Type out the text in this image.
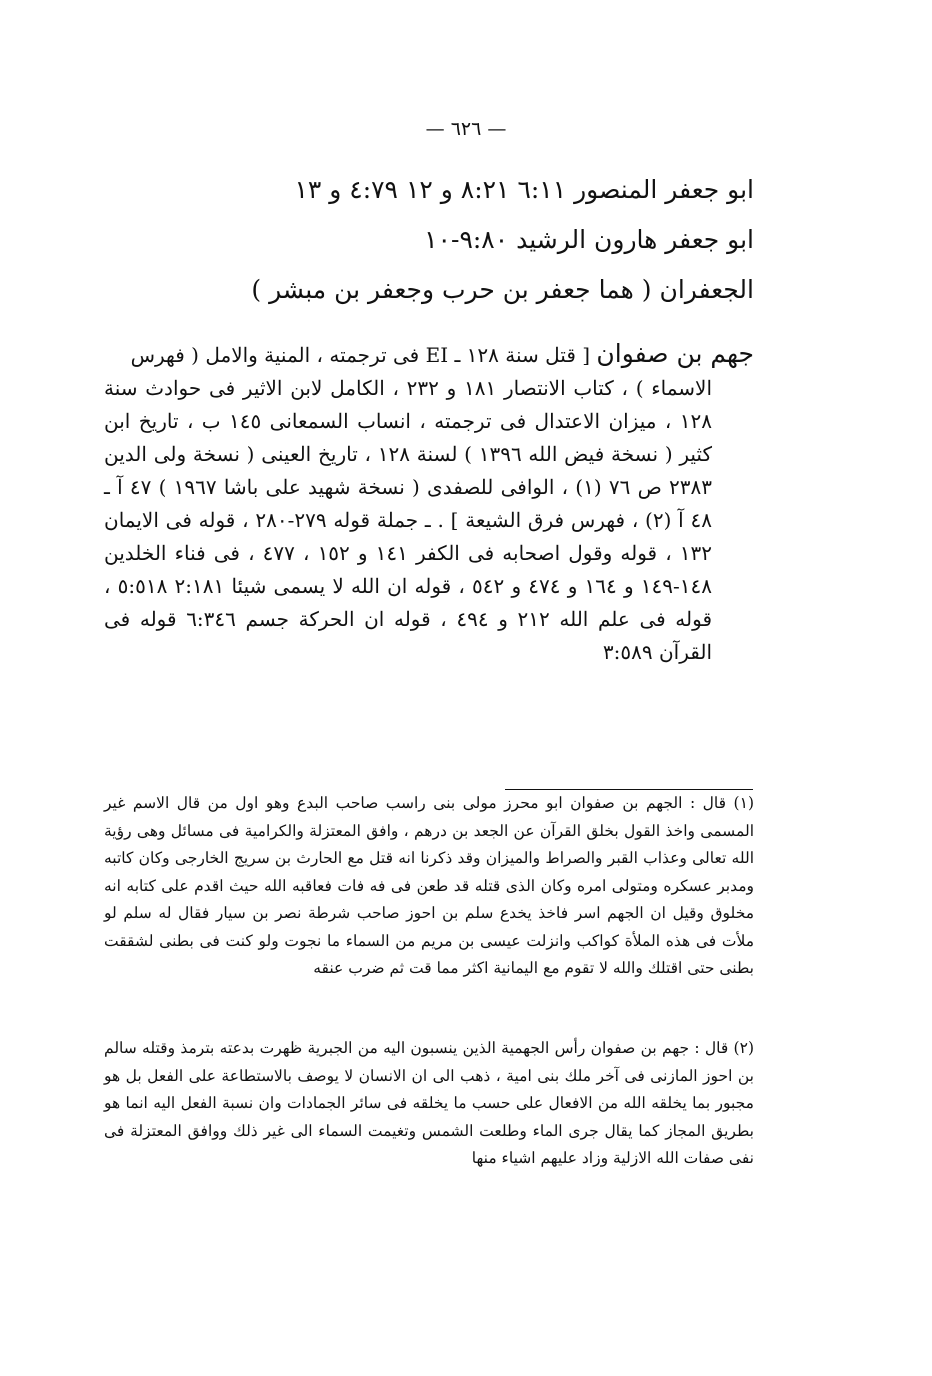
— ٦٢٦ —
ابو جعفر المنصور ٦:١١ ٨:٢١ و ١٢ ٤:٧٩ و ١٣
ابو جعفر هارون الرشيد ٩:٨٠-١٠
الجعفران ( هما جعفر بن حرب وجعفر بن مبشر )
جهم بن صفوان [ قتل سنة ١٢٨ ـ EI فى ترجمته ، المنية والامل ( فهرس
الاسماء ) ، كتاب الانتصار ١٨١ و ٢٣٢ ، الكامل لابن الاثير فى حوادث سنة ١٢٨ ، ميزان الاعتدال فى ترجمته ، انساب السمعانى ١٤٥ ب ، تاريخ ابن كثير ( نسخة فيض الله ١٣٩٦ ) لسنة ١٢٨ ، تاريخ العينى ( نسخة ولى الدين ٢٣٨٣ ص ٧٦ (١) ، الوافى للصفدى ( نسخة شهيد على باشا ١٩٦٧ ) ٤٧ آ ـ ٤٨ آ (٢) ، فهرس فرق الشيعة ] . ـ جملة قوله ٢٧٩-٢٨٠ ، قوله فى الايمان ١٣٢ ، قوله وقول اصحابه فى الكفر ١٤١ و ١٥٢ ، ٤٧٧ ، فى فناء الخلدين ١٤٨-١٤٩ و ١٦٤ و ٤٧٤ و ٥٤٢ ، قوله ان الله لا يسمى شيئا ٢:١٨١ ٥:٥١٨ ، قوله فى علم الله ٢١٢ و ٤٩٤ ، قوله ان الحركة جسم ٦:٣٤٦ قوله فى القرآن ٣:٥٨٩
(١) قال : الجهم بن صفوان ابو محرز مولى بنى راسب صاحب البدع وهو اول من قال الاسم غير المسمى واخذ القول بخلق القرآن عن الجعد بن درهم ، وافق المعتزلة والكرامية فى مسائل وهى رؤية الله تعالى وعذاب القبر والصراط والميزان وقد ذكرنا انه قتل مع الحارث بن سريج الخارجى وكان كاتبه ومدبر عسكره ومتولى امره وكان الذى قتله قد طعن فى فه فات فعاقبه الله حيث اقدم على كتابه انه مخلوق وقيل ان الجهم اسر فاخذ يخدع سلم بن احوز صاحب شرطة نصر بن سيار فقال له سلم لو ملأت فى هذه الملأة كواكب وانزلت عيسى بن مريم من السماء ما نجوت ولو كنت فى بطنى لشققت بطنى حتى اقتلك والله لا تقوم مع اليمانية اكثر مما قت ثم ضرب عنقه
(٢) قال : جهم بن صفوان رأس الجهمية الذين ينسبون اليه من الجبرية ظهرت بدعته بترمذ وقتله سالم بن احوز المازنى فى آخر ملك بنى امية ، ذهب الى ان الانسان لا يوصف بالاستطاعة على الفعل بل هو مجبور بما يخلقه الله من الافعال على حسب ما يخلقه فى سائر الجمادات وان نسبة الفعل اليه انما هو بطريق المجاز كما يقال جرى الماء وطلعت الشمس وتغيمت السماء الى غير ذلك ووافق المعتزلة فى نفى صفات الله الازلية وزاد عليهم اشياء منها
